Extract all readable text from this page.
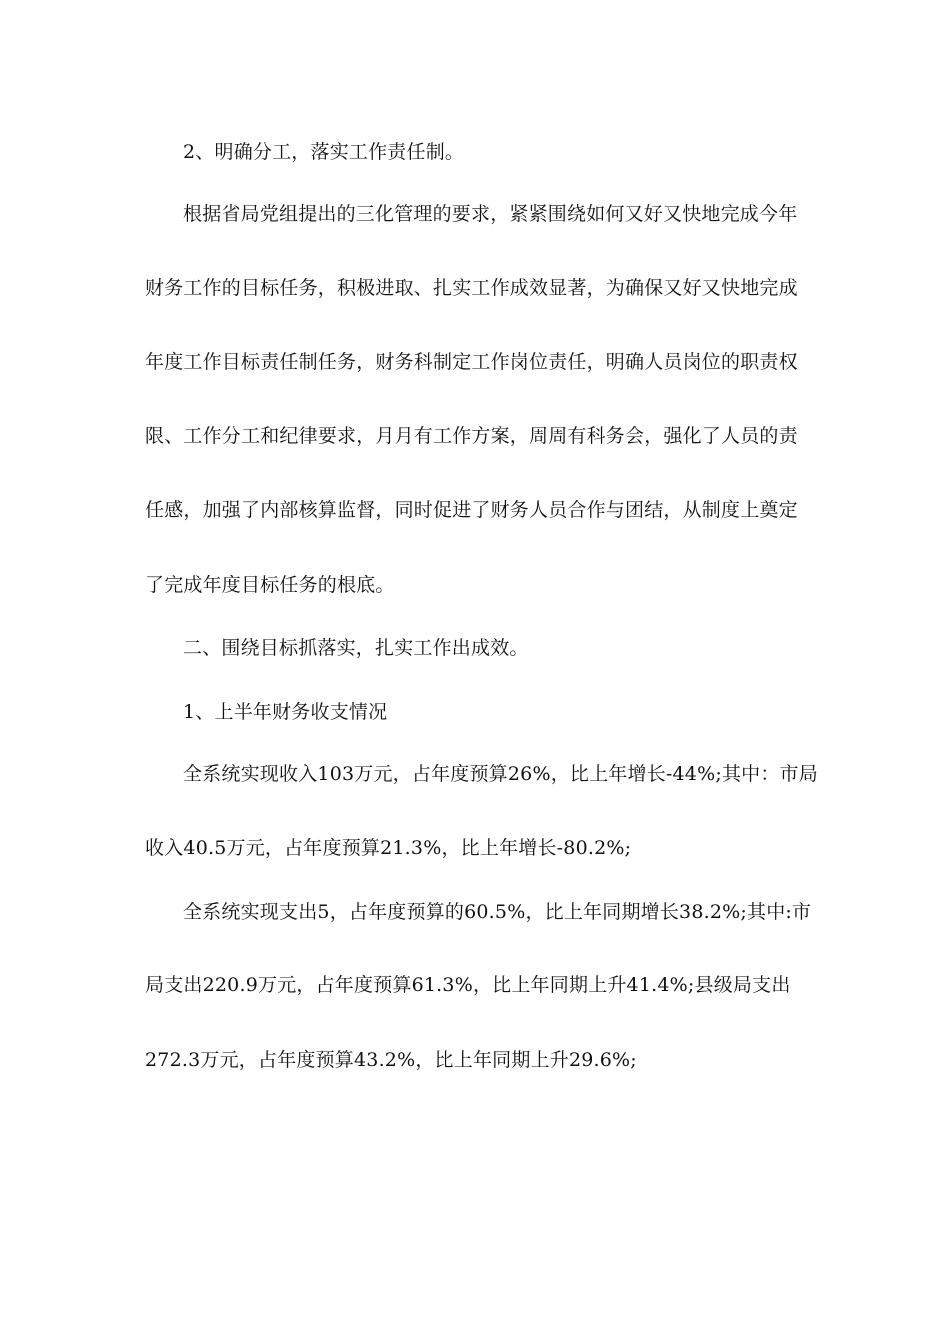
2、明确分工，落实工作责任制。
根据省局党组提出的三化管理的要求，紧紧围绕如何又好又快地完成今年
财务工作的目标任务，积极进取、扎实工作成效显著，为确保又好又快地完成
年度工作目标责任制任务，财务科制定工作岗位责任，明确人员岗位的职责权
限、工作分工和纪律要求，月月有工作方案，周周有科务会，强化了人员的责
任感，加强了内部核算监督，同时促进了财务人员合作与团结，从制度上奠定
了完成年度目标任务的根底。
二、围绕目标抓落实，扎实工作出成效。
1、上半年财务收支情况
全系统实现收入103万元，占年度预算26%，比上年增长-44%;其中：市局
收入40.5万元，占年度预算21.3%，比上年增长-80.2%;
全系统实现支出5，占年度预算的60.5%，比上年同期增长38.2%;其中:市
局支出220.9万元，占年度预算61.3%，比上年同期上升41.4%;县级局支出
272.3万元，占年度预算43.2%，比上年同期上升29.6%;
